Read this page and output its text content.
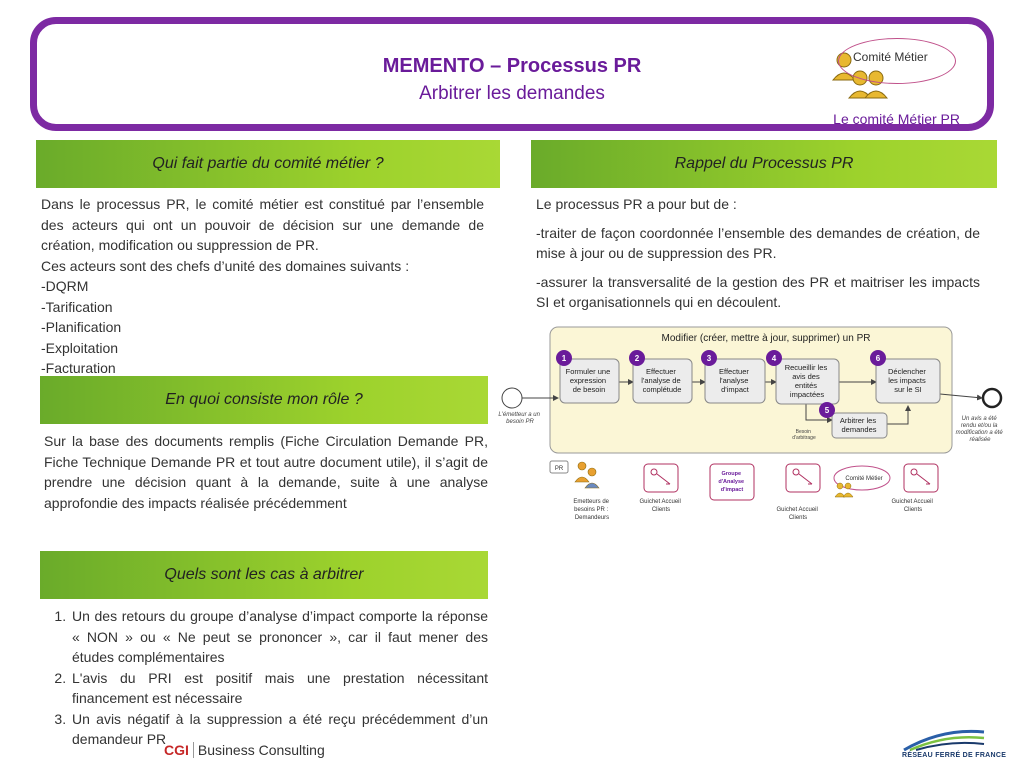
MEMENTO – Processus PR
Arbitrer les demandes
Comité Métier
Le comité Métier PR
Qui fait partie du comité métier ?

Dans le processus PR, le comité métier est constitué par l’ensemble des acteurs qui ont un pouvoir de décision sur une demande de création, modification ou suppression de PR.

Ces acteurs sont des chefs d’unité des domaines suivants :

-DQRM

-Tarification

-Planification

-Exploitation

-Facturation

En quoi consiste mon rôle ?
Sur la base des documents remplis (Fiche Circulation Demande PR, Fiche Technique Demande PR et tout autre document utile), il s’agit de prendre une décision quant à la demande, suite à une analyse approfondie des impacts réalisée précédemment
Quels sont les cas à arbitrer
1. Un des retours du groupe d’analyse d’impact comporte la réponse « NON » ou « Ne peut se prononcer », car il faut mener des études complémentaires
2. L'avis du PRI est positif mais une prestation nécessitant financement est nécessaire
3. Un avis négatif à la suppression a été reçu précédemment d’un demandeur PR
Rappel du Processus PR

Le processus PR a pour but de :

-traiter de façon coordonnée l’ensemble des demandes de création, de mise à jour ou de suppression des PR.

-assurer la transversalité de la gestion des PR et maitriser les impacts SI et organisationnels qui en découlent.

Modifier (créer, mettre à jour, supprimer) un PR
L'émetteur a un besoin PR	Un avis a été rendu et/ou la modification a été réalisée
Besoin d'arbitrage
Formuler une expression de besoin
1
Effectuer l'analyse de complétude
2
Effectuer l'analyse d'impact
3
Recueillir les avis des entités impactées
4
Arbitrer les demandes
5
Déclencher les impacts sur le SI
6
PR
Emetteurs de besoins PR : Demandeurs
Guichet Accueil Clients
Groupe d'Analyse d'impact
Guichet Accueil Clients
Comité Métier
Guichet Accueil Clients
CGI Business Consulting	RÉSEAU FERRÉ DE FRANCE
